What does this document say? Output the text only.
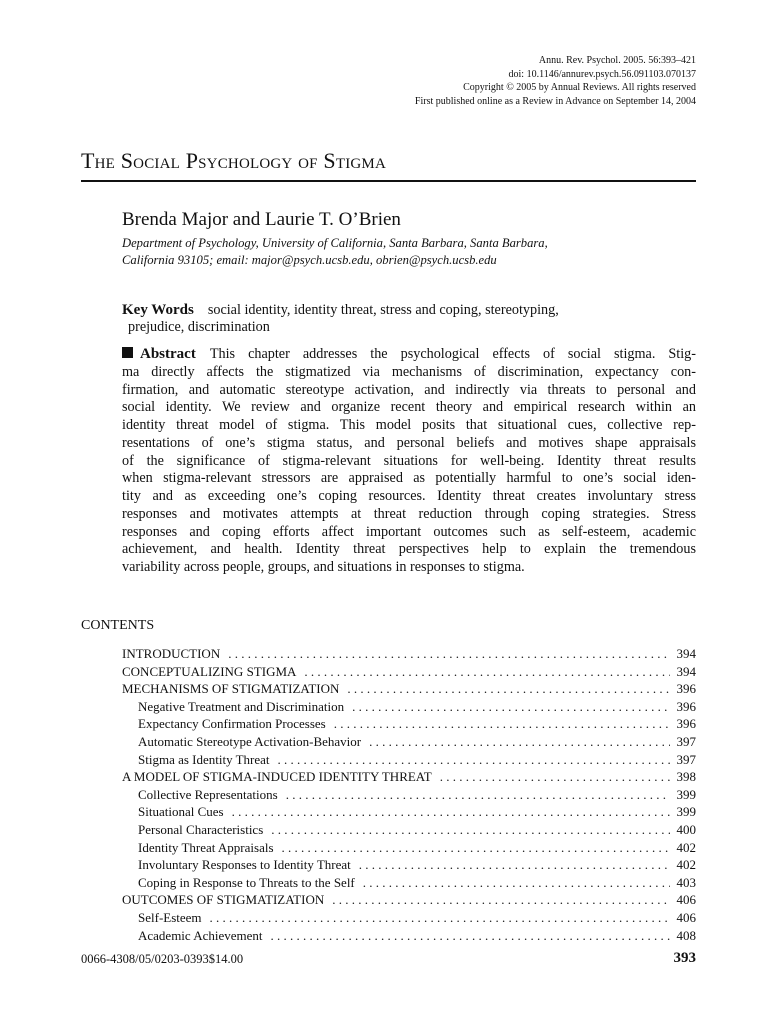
Annu. Rev. Psychol. 2005. 56:393–421
doi: 10.1146/annurev.psych.56.091103.070137
Copyright © 2005 by Annual Reviews. All rights reserved
First published online as a Review in Advance on September 14, 2004
The Social Psychology of Stigma
Brenda Major and Laurie T. O’Brien
Department of Psychology, University of California, Santa Barbara, Santa Barbara,
California 93105; email: major@psych.ucsb.edu, obrien@psych.ucsb.edu
Key Words social identity, identity threat, stress and coping, stereotyping,
prejudice, discrimination
Abstract This chapter addresses the psychological effects of social stigma. Stig-
ma directly affects the stigmatized via mechanisms of discrimination, expectancy con-
firmation, and automatic stereotype activation, and indirectly via threats to personal and
social identity. We review and organize recent theory and empirical research within an
identity threat model of stigma. This model posits that situational cues, collective rep-
resentations of one’s stigma status, and personal beliefs and motives shape appraisals
of the significance of stigma-relevant situations for well-being. Identity threat results
when stigma-relevant stressors are appraised as potentially harmful to one’s social iden-
tity and as exceeding one’s coping resources. Identity threat creates involuntary stress
responses and motivates attempts at threat reduction through coping strategies. Stress
responses and coping efforts affect important outcomes such as self-esteem, academic
achievement, and health. Identity threat perspectives help to explain the tremendous
variability across people, groups, and situations in responses to stigma.
CONTENTS
INTRODUCTION . . .	394
CONCEPTUALIZING STIGMA . . .	394
MECHANISMS OF STIGMATIZATION . . .	396
Negative Treatment and Discrimination . . .	396
Expectancy Confirmation Processes . . .	396
Automatic Stereotype Activation-Behavior . . .	397
Stigma as Identity Threat . . .	397
A MODEL OF STIGMA-INDUCED IDENTITY THREAT . . .	398
Collective Representations . . .	399
Situational Cues . . .	399
Personal Characteristics . . .	400
Identity Threat Appraisals . . .	402
Involuntary Responses to Identity Threat . . .	402
Coping in Response to Threats to the Self . . .	403
OUTCOMES OF STIGMATIZATION . . .	406
Self-Esteem . . .	406
Academic Achievement . . .	408
0066-4308/05/0203-0393$14.00	393
